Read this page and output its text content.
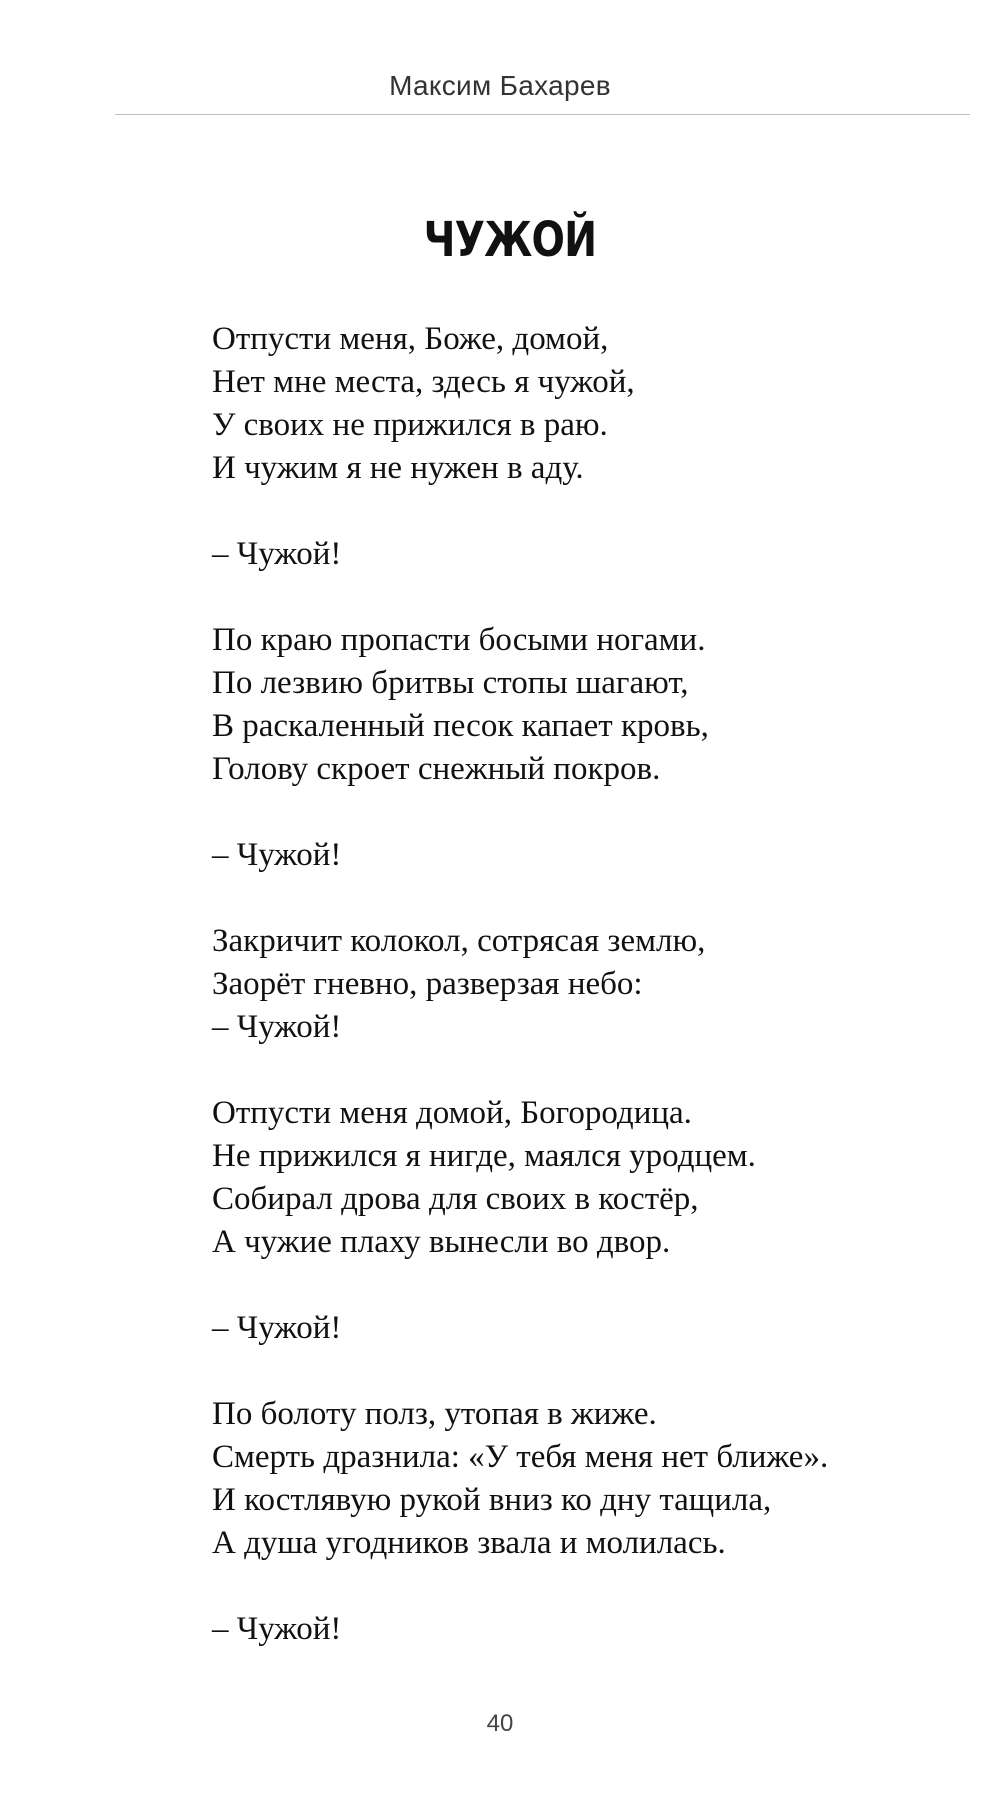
Максим Бахарев
ЧУЖОЙ
Отпусти меня, Боже, домой,
Нет мне места, здесь я чужой,
У своих не прижился в раю.
И чужим я не нужен в аду.
– Чужой!
По краю пропасти босыми ногами.
По лезвию бритвы стопы шагают,
В раскаленный песок капает кровь,
Голову скроет снежный покров.
– Чужой!
Закричит колокол, сотрясая землю,
Заорёт гневно, разверзая небо:
– Чужой!
Отпусти меня домой, Богородица.
Не прижился я нигде, маялся уродцем.
Собирал дрова для своих в костёр,
А чужие плаху вынесли во двор.
– Чужой!
По болоту полз, утопая в жиже.
Смерть дразнила: «У тебя меня нет ближе».
И костлявую рукой вниз ко дну тащила,
А душа угодников звала и молилась.
– Чужой!
40
